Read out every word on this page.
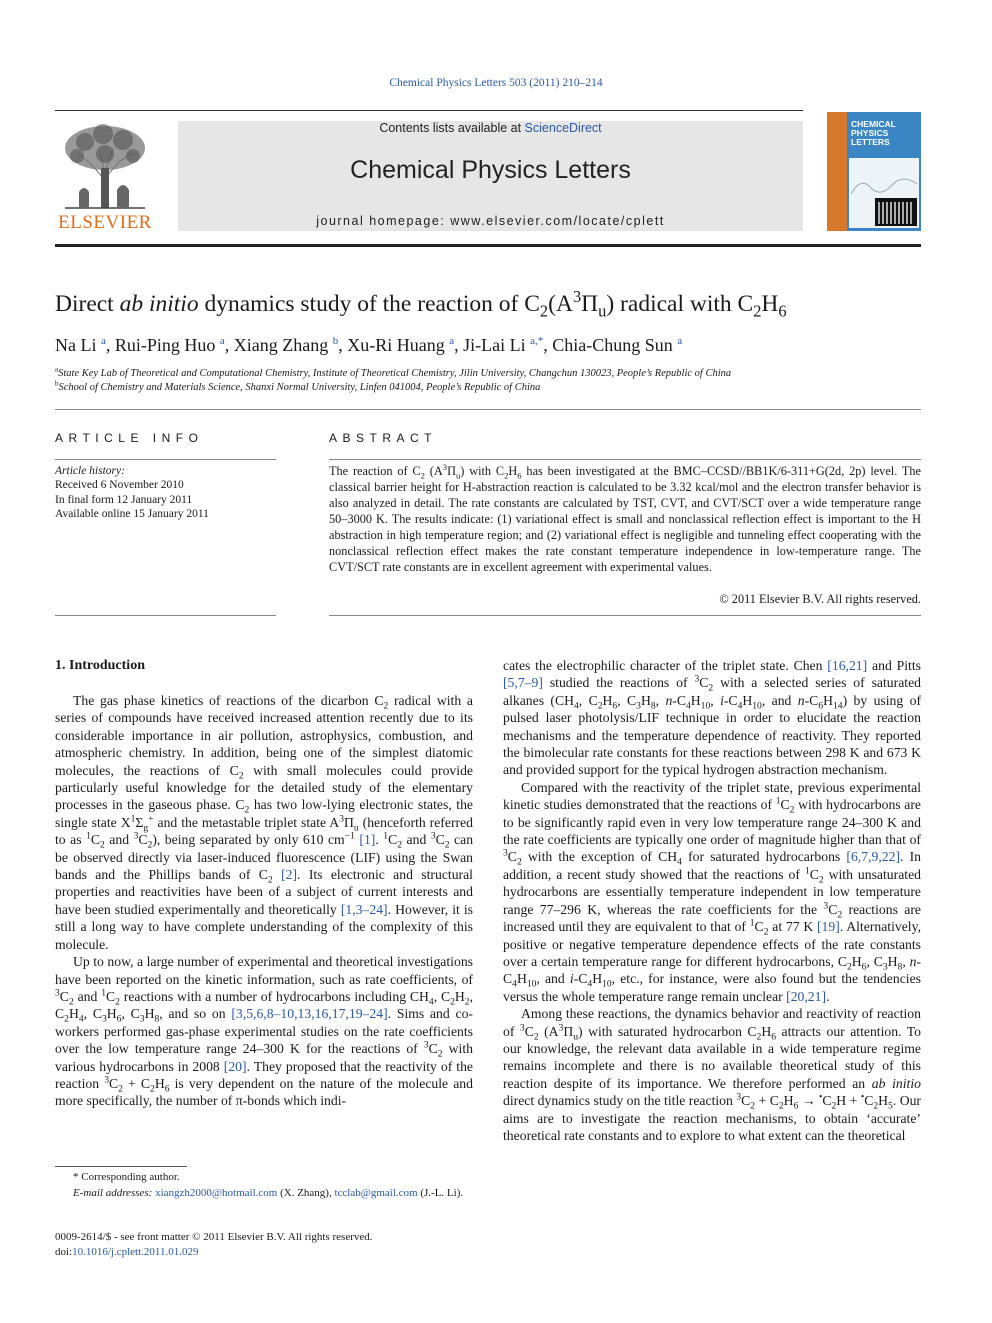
Chemical Physics Letters 503 (2011) 210–214
ELSEVIER
Contents lists available at ScienceDirect
Chemical Physics Letters
journal homepage: www.elsevier.com/locate/cplett
CHEMICAL
PHYSICS
LETTERS
Direct ab initio dynamics study of the reaction of $C_2(A^3\Pi_u)$ radical with $C_2H_6$
Na Li $^a$, Rui-Ping Huo $^a$, Xiang Zhang $^b$, Xu-Ri Huang $^a$, Ji-Lai Li $^{a,*}$, Chia-Chung Sun $^a$
$^a$State Key Lab of Theoretical and Computational Chemistry, Institute of Theoretical Chemistry, Jilin University, Changchun 130023, People’s Republic of China
$^b$School of Chemistry and Materials Science, Shanxi Normal University, Linfen 041004, People’s Republic of China
ARTICLE INFO
Article history:
Received 6 November 2010
In final form 12 January 2011
Available online 15 January 2011
ABSTRACT
The reaction of $C_2$ $(A^3\Pi_u)$ with $C_2H_6$ has been investigated at the BMC–CCSD//BB1K/6-311+G(2d, 2p) level. The classical barrier height for H-abstraction reaction is calculated to be 3.32 kcal/mol and the electron transfer behavior is also analyzed in detail. The rate constants are calculated by TST, CVT, and CVT/SCT over a wide temperature range 50–3000 K. The results indicate: (1) variational effect is small and nonclassical reflection effect is important to the H abstraction in high temperature region; and (2) variational effect is negligible and tunneling effect cooperating with the nonclassical reflection effect makes the rate constant temperature independence in low-temperature range. The CVT/SCT rate constants are in excellent agreement with experimental values.
© 2011 Elsevier B.V. All rights reserved.
1. Introduction

The gas phase kinetics of reactions of the dicarbon $C_2$ radical with a series of compounds have received increased attention recently due to its considerable importance in air pollution, astrophysics, combustion, and atmospheric chemistry. In addition, being one of the simplest diatomic molecules, the reactions of $C_2$ with small molecules could provide particularly useful knowledge for the detailed study of the elementary processes in the gaseous phase. $C_2$ has two low-lying electronic states, the single state $X^1\Sigma_g^+$ and the metastable triplet state $A^3\Pi_u$ (henceforth referred to as $^1C_2$ and $^3C_2$), being separated by only 610 $cm^{-1}$ [1]. $^1C_2$ and $^3C_2$ can be observed directly via laser-induced fluorescence (LIF) using the Swan bands and the Phillips bands of $C_2$ [2]. Its electronic and structural properties and reactivities have been of a subject of current interests and have been studied experimentally and theoretically [1,3–24]. However, it is still a long way to have complete understanding of the complexity of this molecule.

Up to now, a large number of experimental and theoretical investigations have been reported on the kinetic information, such as rate coefficients, of $^3C_2$ and $^1C_2$ reactions with a number of hydrocarbons including $CH_4$, $C_2H_2$, $C_2H_4$, $C_3H_6$, $C_3H_8$, and so on [3,5,6,8–10,13,16,17,19–24]. Sims and co-workers performed gas-phase experimental studies on the rate coefficients over the low temperature range 24–300 K for the reactions of $^3C_2$ with various hydrocarbons in 2008 [20]. They proposed that the reactivity of the reaction $^3C_2 + C_2H_6$ is very dependent on the nature of the molecule and more specifically, the number of π-bonds which indi-

cates the electrophilic character of the triplet state. Chen [16,21] and Pitts [5,7–9] studied the reactions of $^3C_2$ with a selected series of saturated alkanes ($CH_4$, $C_2H_6$, $C_3H_8$, $n-C_4H_{10}$, $i-C_4H_{10}$, and $n-C_6H_{14}$) by using of pulsed laser photolysis/LIF technique in order to elucidate the reaction mechanisms and the temperature dependence of reactivity. They reported the bimolecular rate constants for these reactions between 298 K and 673 K and provided support for the typical hydrogen abstraction mechanism.

Compared with the reactivity of the triplet state, previous experimental kinetic studies demonstrated that the reactions of $^1C_2$ with hydrocarbons are to be significantly rapid even in very low temperature range 24–300 K and the rate coefficients are typically one order of magnitude higher than that of $^3C_2$ with the exception of $CH_4$ for saturated hydrocarbons [6,7,9,22]. In addition, a recent study showed that the reactions of $^1C_2$ with unsaturated hydrocarbons are essentially temperature independent in low temperature range 77–296 K, whereas the rate coefficients for the $^3C_2$ reactions are increased until they are equivalent to that of $^1C_2$ at 77 K [19]. Alternatively, positive or negative temperature dependence effects of the rate constants over a certain temperature range for different hydrocarbons, $C_2H_6$, $C_3H_8$, $n-C_4H_{10}$, and $i-C_4H_{10}$, etc., for instance, were also found but the tendencies versus the whole temperature range remain unclear [20,21].

Among these reactions, the dynamics behavior and reactivity of reaction of $^3C_2$ $(A^3\Pi_u)$ with saturated hydrocarbon $C_2H_6$ attracts our attention. To our knowledge, the relevant data available in a wide temperature regime remains incomplete and there is no available theoretical study of this reaction despite of its importance. We therefore performed an ab initio direct dynamics study on the title reaction $^3C_2 + C_2H_6 \to ^•C_2H + ^•C_2H_5$. Our aims are to investigate the reaction mechanisms, to obtain ‘accurate’ theoretical rate constants and to explore to what extent can the theoretical

* Corresponding author.
E-mail addresses: xiangzh2000@hotmail.com (X. Zhang), tcclab@gmail.com (J.-L. Li).
0009-2614/$ - see front matter © 2011 Elsevier B.V. All rights reserved.
doi:10.1016/j.cplett.2011.01.029
